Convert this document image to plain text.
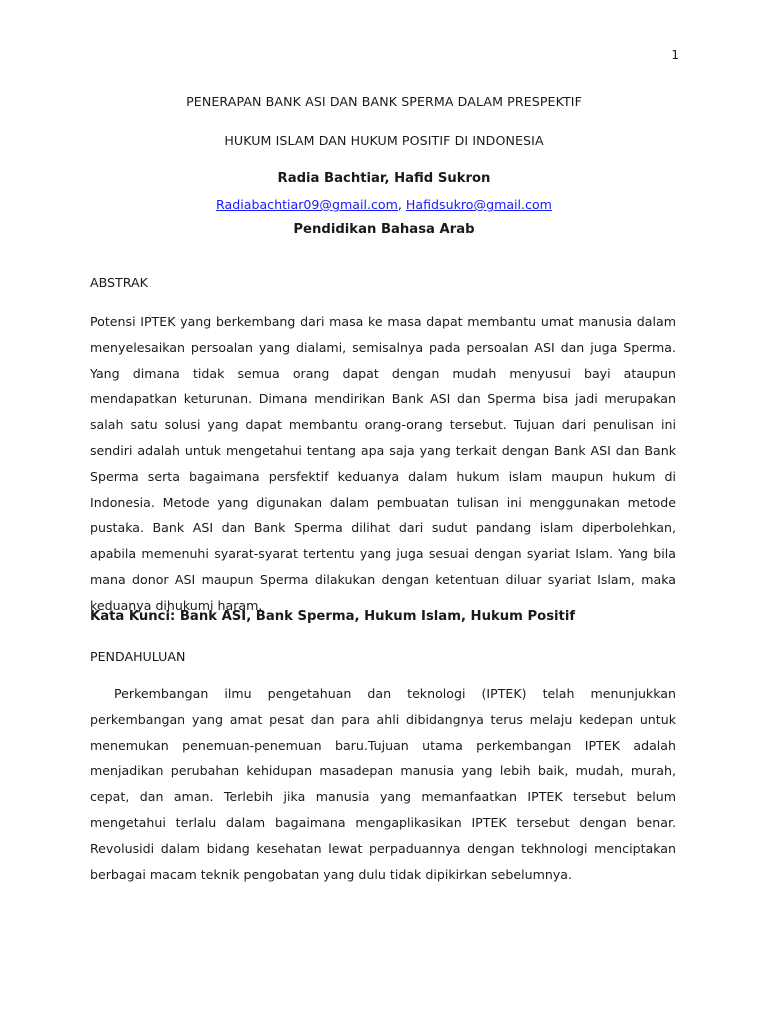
1
PENERAPAN BANK ASI DAN BANK SPERMA DALAM PRESPEKTIF
HUKUM ISLAM DAN HUKUM POSITIF DI INDONESIA
Radia Bachtiar, Hafid Sukron
Radiabachtiar09@gmail.com, Hafidsukro@gmail.com
Pendidikan Bahasa Arab
ABSTRAK

Potensi IPTEK yang berkembang dari masa ke masa dapat membantu umat manusia dalam menyelesaikan persoalan yang dialami, semisalnya pada persoalan ASI dan juga Sperma. Yang dimana tidak semua orang dapat dengan mudah menyusui bayi ataupun mendapatkan keturunan. Dimana mendirikan Bank ASI dan Sperma bisa jadi merupakan salah satu solusi yang dapat membantu orang-orang tersebut. Tujuan dari penulisan ini sendiri adalah untuk mengetahui tentang apa saja yang terkait dengan Bank ASI dan Bank Sperma serta bagaimana persfektif keduanya dalam hukum islam maupun hukum di Indonesia. Metode yang digunakan dalam pembuatan tulisan ini menggunakan metode pustaka. Bank ASI dan Bank Sperma dilihat dari sudut pandang islam diperbolehkan, apabila memenuhi syarat-syarat tertentu yang juga sesuai dengan syariat Islam. Yang bila mana donor ASI maupun Sperma dilakukan dengan ketentuan diluar syariat Islam, maka keduanya dihukumi haram.

Kata Kunci: Bank ASI, Bank Sperma, Hukum Islam, Hukum Positif
PENDAHULUAN

Perkembangan ilmu pengetahuan dan teknologi (IPTEK) telah menunjukkan perkembangan yang amat pesat dan para ahli dibidangnya terus melaju kedepan untuk menemukan penemuan-penemuan baru.Tujuan utama perkembangan IPTEK adalah menjadikan perubahan kehidupan masadepan manusia yang lebih baik, mudah, murah, cepat, dan aman. Terlebih jika manusia yang memanfaatkan IPTEK tersebut belum mengetahui terlalu dalam bagaimana mengaplikasikan IPTEK tersebut dengan benar. Revolusidi dalam bidang kesehatan lewat perpaduannya dengan tekhnologi menciptakan berbagai macam teknik pengobatan yang dulu tidak dipikirkan sebelumnya.
